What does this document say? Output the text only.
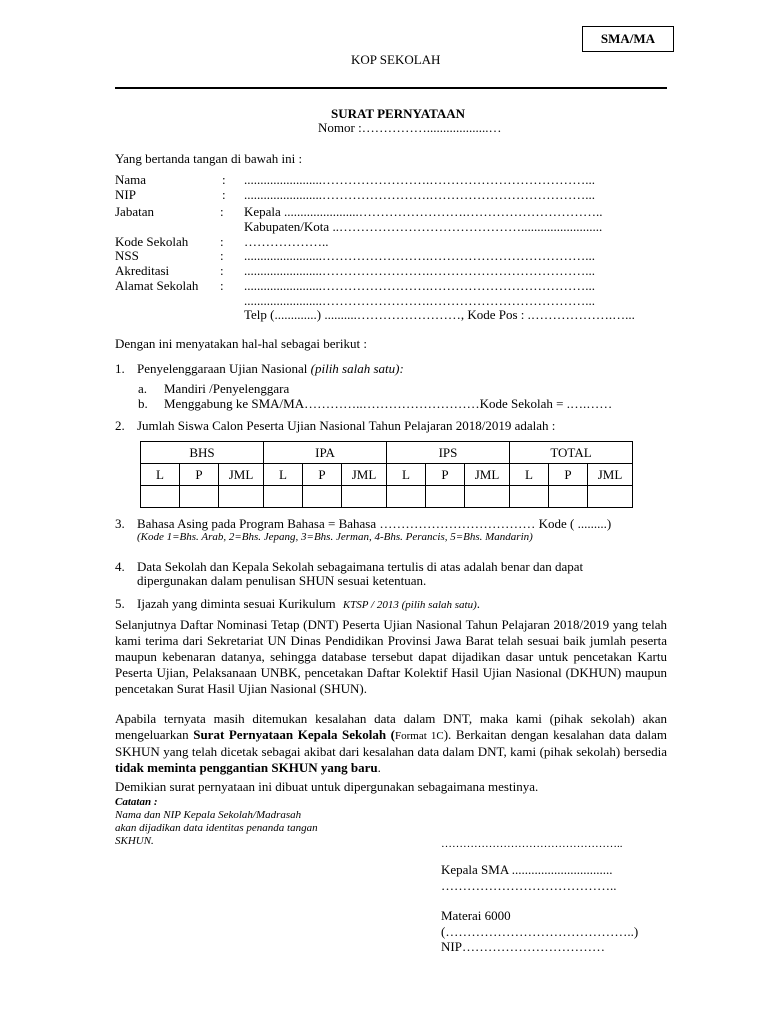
SMA/MA
KOP SEKOLAH
SURAT PERNYATAAN
Nomor :……………...................…
Yang bertanda tangan di bawah ini :
Nama	: ........................…………………….………………………………...
NIP	: ........................…………………….………………………………...
Jabatan	: Kepala .......................…………………….…………………………..
Kabupaten/Kota ..…………………………………….........................
Kode Sekolah : ………………..
NSS	: ........................…………………….………………………………...
Akreditasi	: ........................…………………….………………………………...
Alamat Sekolah : ........................…………………….………………………………...
........................…………………….………………………………...
Telp (.............) ..........……………………, Kode Pos : .……………….…...
Dengan ini menyatakan hal-hal sebagai berikut :
1. Penyelenggaraan Ujian Nasional (pilih salah satu):
a. Mandiri /Penyelenggara
b. Menggabung ke SMA/MA…………..………………………Kode Sekolah = .….……
2. Jumlah Siswa Calon Peserta Ujian Nasional Tahun Pelajaran 2018/2019 adalah :
BHS			IPA			IPS			TOTAL		
L	P	JML	L	P	JML	L	P	JML	L	P	JML

3. Bahasa Asing pada Program Bahasa = Bahasa ……………………………… Kode ( .........)
(Kode 1=Bhs. Arab, 2=Bhs. Jepang, 3=Bhs. Jerman, 4-Bhs. Perancis, 5=Bhs. Mandarin)
4. Data Sekolah dan Kepala Sekolah sebagaimana tertulis di atas adalah benar dan dapat
dipergunakan dalam penulisan SHUN sesuai ketentuan.
5. Ijazah yang diminta sesuai Kurikulum KTSP / 2013 (pilih salah satu).
Selanjutnya Daftar Nominasi Tetap (DNT) Peserta Ujian Nasional Tahun Pelajaran 2018/2019 yang telah kami terima dari Sekretariat UN Dinas Pendidikan Provinsi Jawa Barat telah sesuai baik jumlah peserta maupun kebenaran datanya, sehingga database tersebut dapat dijadikan dasar untuk pencetakan Kartu Peserta Ujian, Pelaksanaan UNBK, pencetakan Daftar Kolektif Hasil Ujian Nasional (DKHUN) maupun pencetakan Surat Hasil Ujian Nasional (SHUN).
Apabila ternyata masih ditemukan kesalahan data dalam DNT, maka kami (pihak sekolah) akan mengeluarkan Surat Pernyataan Kepala Sekolah (Format 1C). Berkaitan dengan kesalahan data dalam SKHUN yang telah dicetak sebagai akibat dari kesalahan data dalam DNT, kami (pihak sekolah) bersedia tidak meminta penggantian SKHUN yang baru.
Demikian surat pernyataan ini dibuat untuk dipergunakan sebagaimana mestinya.
Catatan :
Nama dan NIP Kepala Sekolah/Madrasah
akan dijadikan data identitas penanda tangan
SKHUN.	…………………………………………..
Kepala SMA ...............................
…………………………………..
Materai 6000
(……………………………………..)
NIP……………………………
